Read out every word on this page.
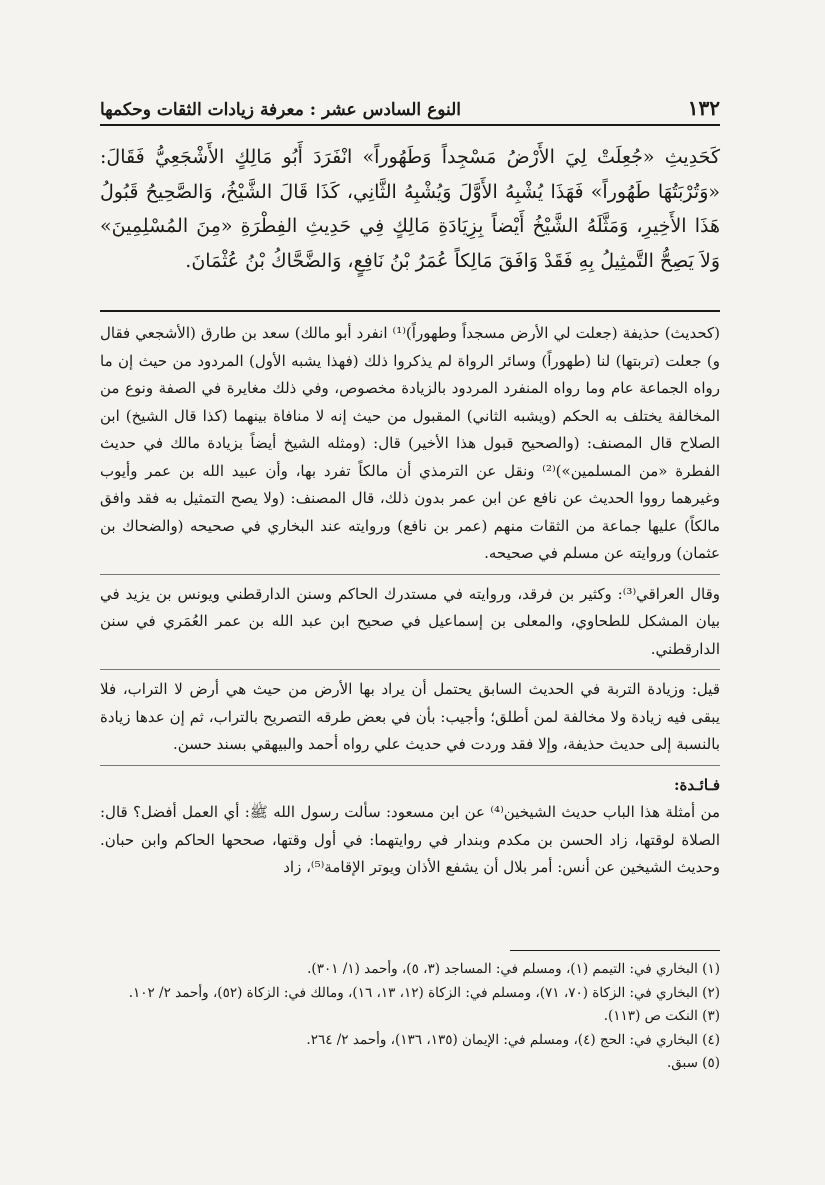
١٣٢
النوع السادس عشر : معرفة زيادات الثقات وحكمها
كَحَدِيثِ «جُعِلَتْ لِيَ الأَرْضُ مَسْجِداً وَطَهُوراً» انْفَرَدَ أَبُو مَالِكٍ الأَشْجَعِيُّ فَقَالَ: «وَتُرْبَتُهَا طَهُوراً» فَهَذَا يُشْبِهُ الأَوَّلَ وَيُشْبِهُ الثَّانِي، كَذَا قَالَ الشَّيْخُ، وَالصَّحِيحُ قَبُولُ هَذَا الأَخِيرِ، وَمَثَّلَهُ الشَّيْخُ أَيْضاً بِزِيَادَةِ مَالِكٍ فِي حَدِيثِ الفِطْرَةِ «مِنَ المُسْلِمِينَ» وَلاَ يَصِحُّ التَّمثِيلُ بِهِ فَقَدْ وَافَقَ مَالِكاً عُمَرُ بْنُ نَافِعٍ، وَالضَّحَّاكُ بْنُ عُثْمَانَ.

(كحديث) حذيفة (جعلت لي الأرض مسجداً وطهوراً)⁽¹⁾ انفرد أبو مالك) سعد بن طارق (الأشجعي فقال و) جعلت (تربتها) لنا (طهوراً) وسائر الرواة لم يذكروا ذلك (فهذا يشبه الأول) المردود من حيث إن ما رواه الجماعة عام وما رواه المنفرد المردود بالزيادة مخصوص، وفي ذلك مغايرة في الصفة ونوع من المخالفة يختلف به الحكم (ويشبه الثاني) المقبول من حيث إنه لا منافاة بينهما (كذا قال الشيخ) ابن الصلاح قال المصنف: (والصحيح قبول هذا الأخير) قال: (ومثله الشيخ أيضاً بزيادة مالك في حديث الفطرة «من المسلمين»)⁽²⁾ ونقل عن الترمذي أن مالكاً تفرد بها، وأن عبيد الله بن عمر وأيوب وغيرهما رووا الحديث عن نافع عن ابن عمر بدون ذلك، قال المصنف: (ولا يصح التمثيل به فقد وافق مالكاً) عليها جماعة من الثقات منهم (عمر بن نافع) وروايته عند البخاري في صحيحه (والضحاك بن عثمان) وروايته عن مسلم في صحيحه.

وقال العراقي⁽³⁾: وكثير بن فرقد، وروايته في مستدرك الحاكم وسنن الدارقطني ويونس بن يزيد في بيان المشكل للطحاوي، والمعلى بن إسماعيل في صحيح ابن عبد الله بن عمر العُمَري في سنن الدارقطني.

قيل: وزيادة التربة في الحديث السابق يحتمل أن يراد بها الأرض من حيث هي أرض لا التراب، فلا يبقى فيه زيادة ولا مخالفة لمن أطلق؛ وأجيب: بأن في بعض طرقه التصريح بالتراب، ثم إن عدها زيادة بالنسبة إلى حديث حذيفة، وإلا فقد وردت في حديث علي رواه أحمد والبيهقي بسند حسن.

فـائـدة:

من أمثلة هذا الباب حديث الشيخين⁽⁴⁾ عن ابن مسعود: سألت رسول الله ﷺ: أي العمل أفضل؟ قال: الصلاة لوقتها، زاد الحسن بن مكدم وبندار في روايتهما: في أول وقتها، صححها الحاكم وابن حبان. وحديث الشيخين عن أنس: أمر بلال أن يشفع الأذان ويوتر الإقامة⁽⁵⁾، زاد

(١) البخاري في: التيمم (١)، ومسلم في: المساجد (٣، ٥)، وأحمد (١/ ٣٠١).

(٢) البخاري في: الزكاة (٧٠، ٧١)، ومسلم في: الزكاة (١٢، ١٣، ١٦)، ومالك في: الزكاة (٥٢)، وأحمد ٢/ ١٠٢.

(٣) النكت ص (١١٣).

(٤) البخاري في: الحج (٤)، ومسلم في: الإيمان (١٣٥، ١٣٦)، وأحمد ٢/ ٢٦٤.

(٥) سبق.
